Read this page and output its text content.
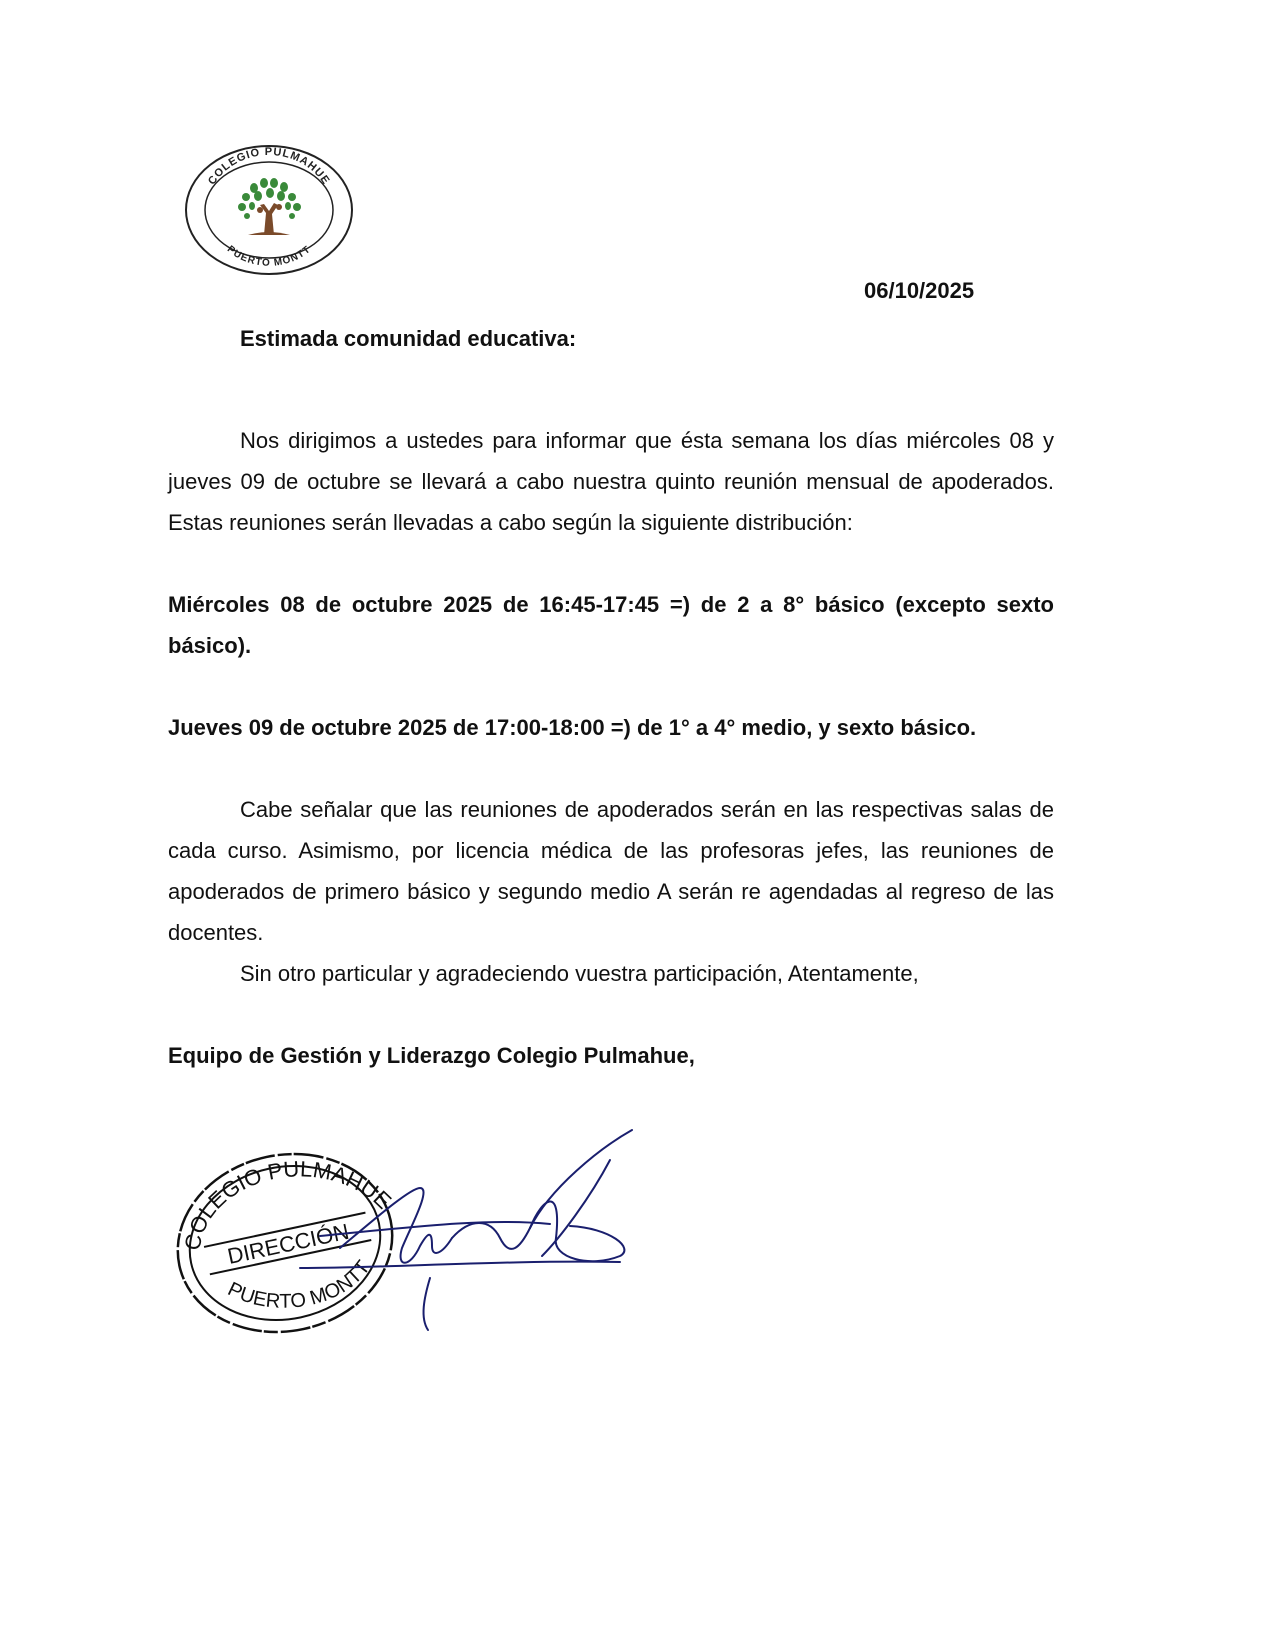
COLEGIO PULMAHUE
PUERTO MONTT
06/10/2025
Estimada comunidad educativa:
Nos dirigimos a ustedes para informar que ésta semana los días miércoles 08 y jueves 09 de octubre se llevará a cabo nuestra quinto reunión mensual de apoderados. Estas reuniones serán llevadas a cabo según la siguiente distribución:
Miércoles 08 de octubre 2025 de 16:45-17:45 =) de 2 a 8° básico (excepto sexto básico).
Jueves 09 de octubre 2025 de 17:00-18:00 =) de 1° a 4° medio, y sexto básico.
Cabe señalar que las reuniones de apoderados serán en las respectivas salas de cada curso. Asimismo, por licencia médica de las profesoras jefes, las reuniones de apoderados de primero básico y segundo medio A serán re agendadas al regreso de las docentes.
Sin otro particular y agradeciendo vuestra participación, Atentamente,
Equipo de Gestión y Liderazgo Colegio Pulmahue,
DIRECCIÓN
COLEGIO PULMAHUE
PUERTO MONTT
